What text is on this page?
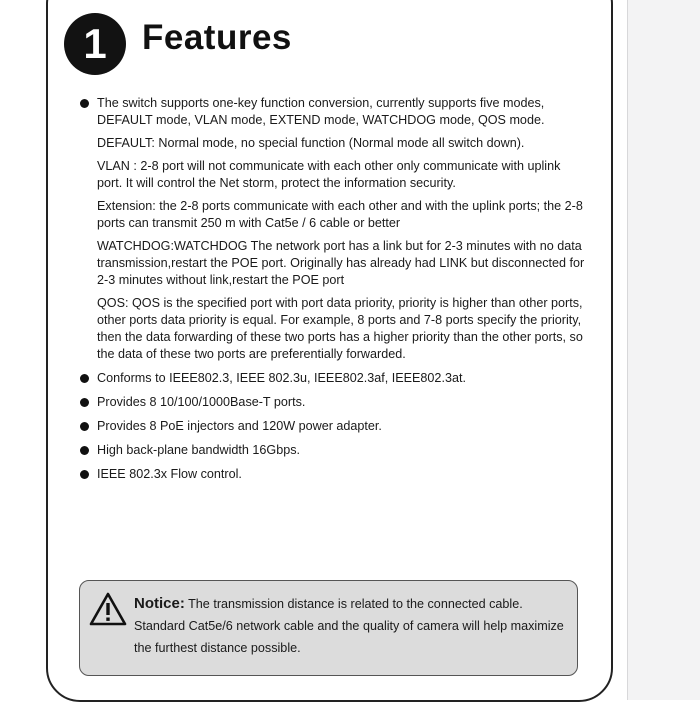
1	Features
The switch supports one-key function conversion, currently supports five modes, DEFAULT mode, VLAN mode, EXTEND mode, WATCHDOG mode, QOS mode.
DEFAULT: Normal mode, no special function (Normal mode all switch down).
VLAN : 2-8 port will not communicate with each other only communicate with uplink port. It will control the Net storm, protect the information security.
Extension: the 2-8 ports communicate with each other and with the uplink ports; the 2-8 ports can transmit 250 m with Cat5e / 6 cable or better
WATCHDOG:WATCHDOG The network port has a link but for 2-3 minutes with no data transmission,restart the POE port. Originally has already had LINK but disconnected for 2-3 minutes without link,restart the POE port
QOS: QOS is the specified port with port data priority, priority is higher than other ports, other ports data priority is equal. For example, 8 ports and 7-8 ports specify the priority, then the data forwarding of these two ports has a higher priority than the other ports, so the data of these two ports are preferentially forwarded.
Conforms to IEEE802.3, IEEE 802.3u, IEEE802.3af, IEEE802.3at.
Provides 8 10/100/1000Base-T ports.
Provides 8 PoE injectors and 120W power adapter.
High back-plane bandwidth 16Gbps.
IEEE 802.3x Flow control.
Notice: The transmission distance is related to the connected cable. Standard Cat5e/6 network cable and the quality of camera will help maximize the furthest distance possible.
